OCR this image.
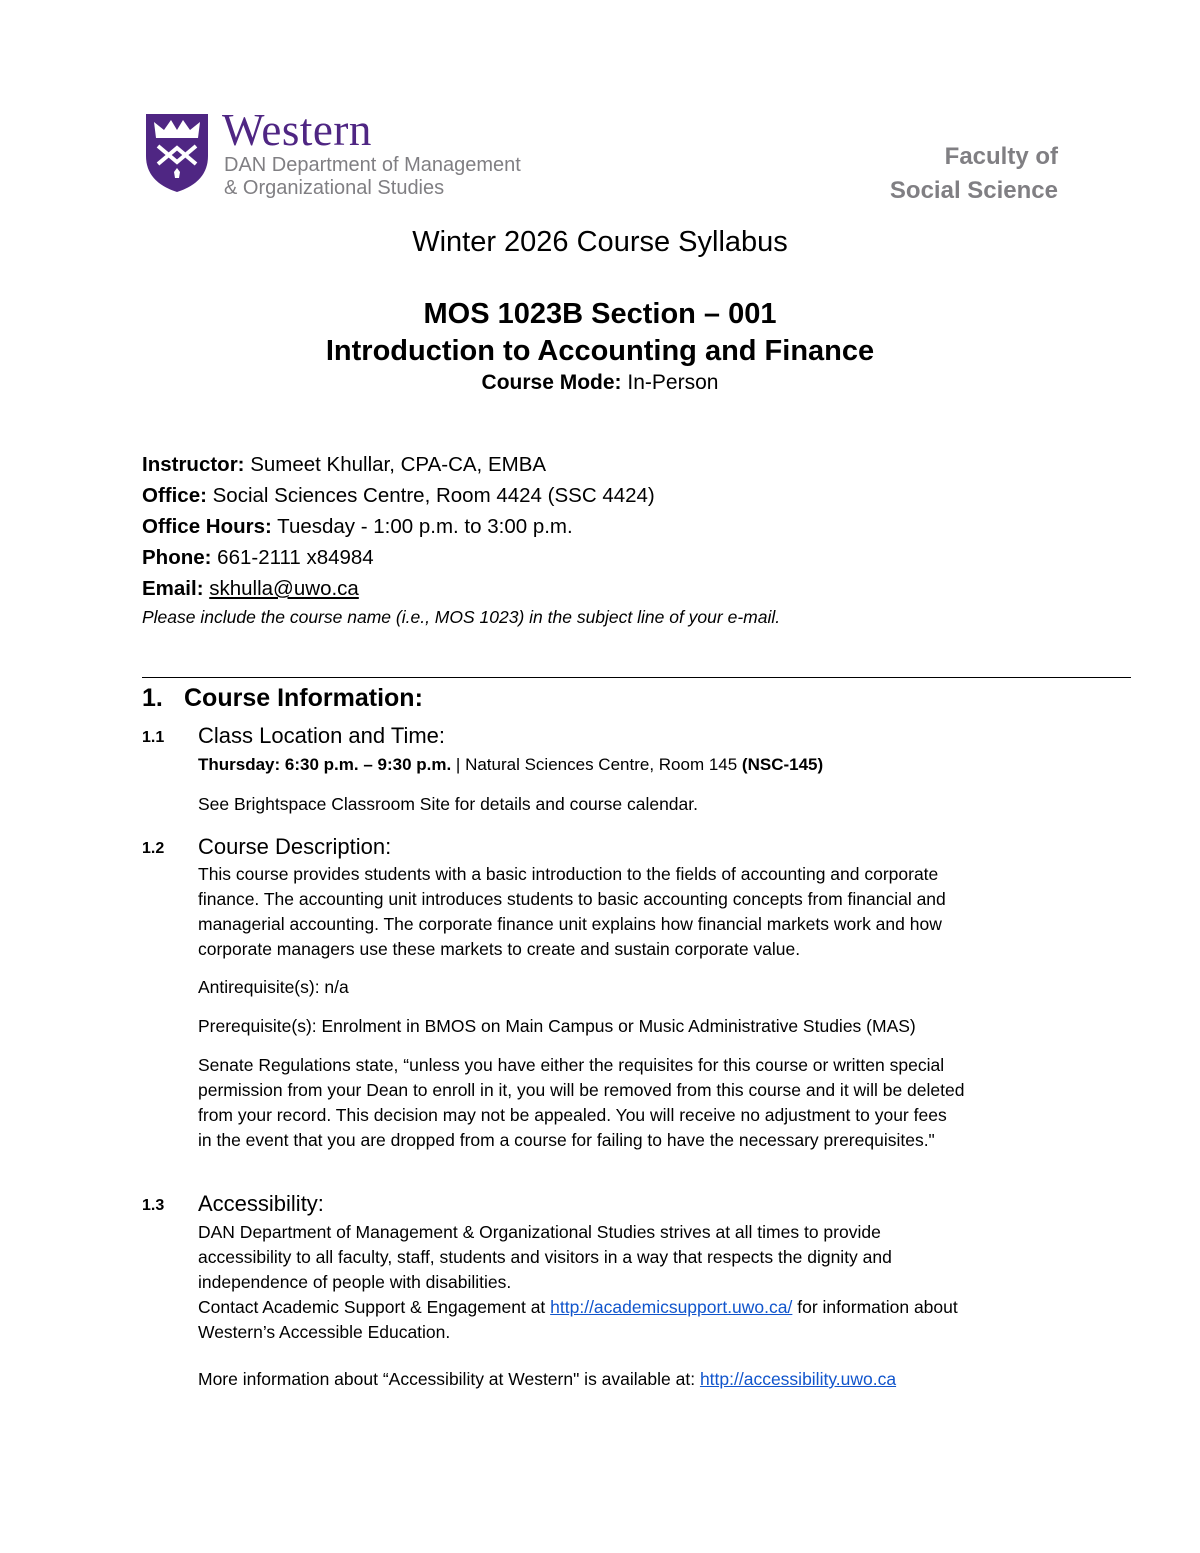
Western
DAN Department of Management
& Organizational Studies
Faculty of
Social Science
Winter 2026 Course Syllabus
MOS 1023B Section – 001
Introduction to Accounting and Finance
Course Mode: In-Person
Instructor: Sumeet Khullar, CPA-CA, EMBA
Office: Social Sciences Centre, Room 4424 (SSC 4424)
Office Hours: Tuesday - 1:00 p.m. to 3:00 p.m.
Phone: 661-2111 x84984
Email: skhulla@uwo.ca
Please include the course name (i.e., MOS 1023) in the subject line of your e-mail.
1. Course Information:
1.1 Class Location and Time:
Thursday: 6:30 p.m. – 9:30 p.m. | Natural Sciences Centre, Room 145 (NSC-145)
See Brightspace Classroom Site for details and course calendar.
1.2 Course Description:
This course provides students with a basic introduction to the fields of accounting and corporate
finance. The accounting unit introduces students to basic accounting concepts from financial and
managerial accounting. The corporate finance unit explains how financial markets work and how
corporate managers use these markets to create and sustain corporate value.
Antirequisite(s): n/a
Prerequisite(s): Enrolment in BMOS on Main Campus or Music Administrative Studies (MAS)
Senate Regulations state, “unless you have either the requisites for this course or written special
permission from your Dean to enroll in it, you will be removed from this course and it will be deleted
from your record. This decision may not be appealed. You will receive no adjustment to your fees
in the event that you are dropped from a course for failing to have the necessary prerequisites."
1.3 Accessibility:
DAN Department of Management & Organizational Studies strives at all times to provide
accessibility to all faculty, staff, students and visitors in a way that respects the dignity and
independence of people with disabilities.
Contact Academic Support & Engagement at http://academicsupport.uwo.ca/ for information about
Western’s Accessible Education.
More information about “Accessibility at Western" is available at: http://accessibility.uwo.ca
